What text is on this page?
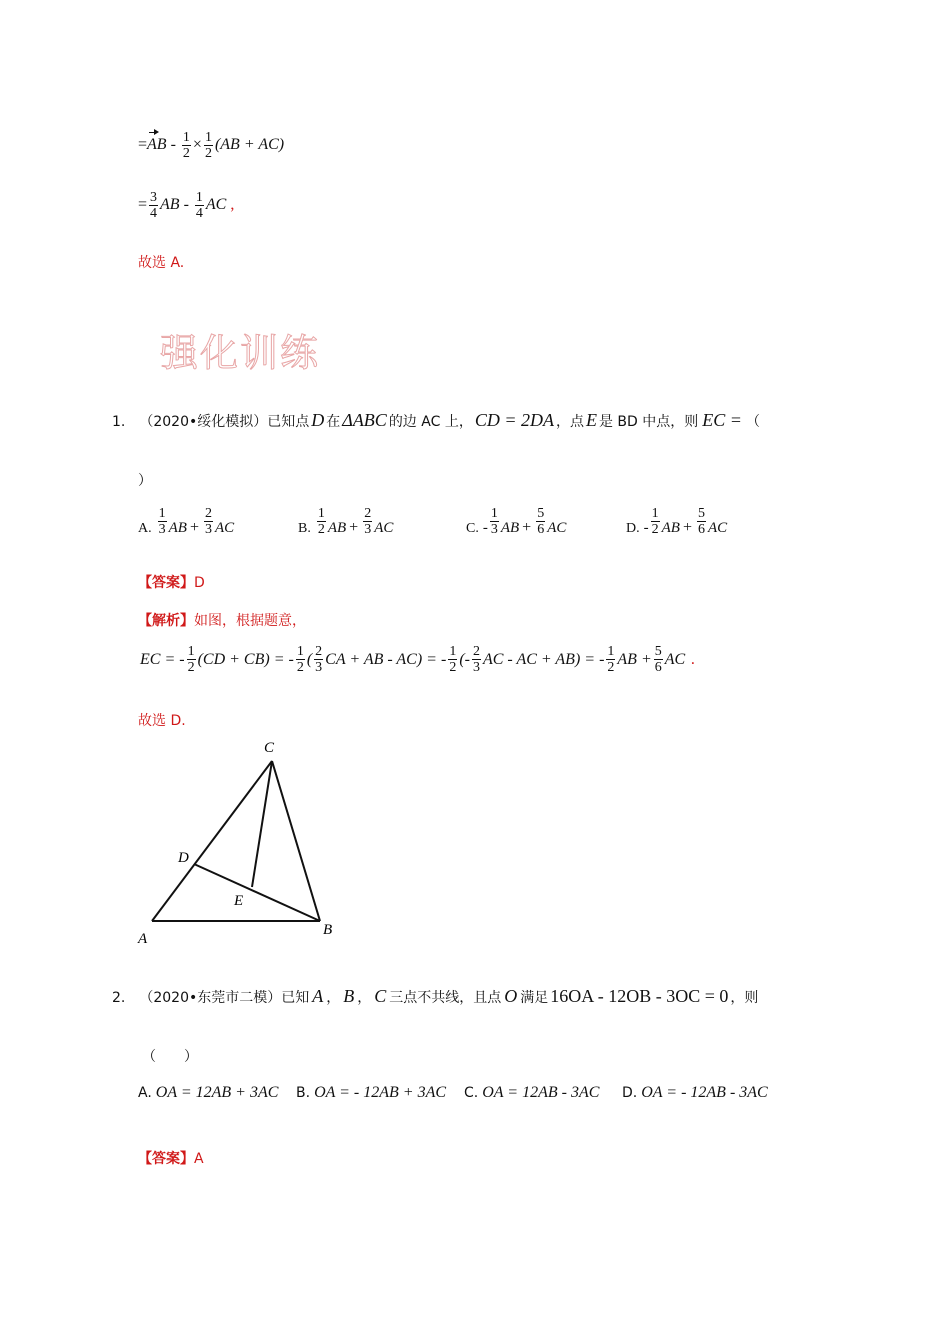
$=AB - \frac{1}{2} \times \frac{1}{2} (AB + AC)$
= $\frac{3}{4}$ AB - $\frac{1}{4}$ AC ,
故选 A.
强化训练
1. （2020•绥化模拟）已知点 D 在 ΔABC 的边 AC 上， CD = 2DA ，点 E 是 BD 中点，则 EC = （
）
A. $\frac{1}{3}$ AB + $\frac{2}{3}$ AC	B. $\frac{1}{2}$ AB + $\frac{2}{3}$ AC	C. - $\frac{1}{3}$ AB + $\frac{5}{6}$ AC	D. - $\frac{1}{2}$ AB + $\frac{5}{6}$ AC
【答案】D
【解析】如图，根据题意，
EC = - $\frac{1}{2} (CD + CB)$ = - $\frac{1}{2}$ ( $\frac{2}{3}$ CA + AB - AC) = - $\frac{1}{2}$ (- $\frac{2}{3}$ AC - AC + AB) = - $\frac{1}{2}$ AB + $\frac{5}{6}$ AC .
故选 D.
C
D
E
A
B
2. （2020•东莞市二模）已知 A ， B ， C 三点不共线，且点 O 满足 16OA - 12OB - 3OC = 0 ，则
（　　）
A. OA = 12AB + 3AC	B. OA = - 12AB + 3AC	C. OA = 12AB - 3AC	D. OA = - 12AB - 3AC
【答案】A
